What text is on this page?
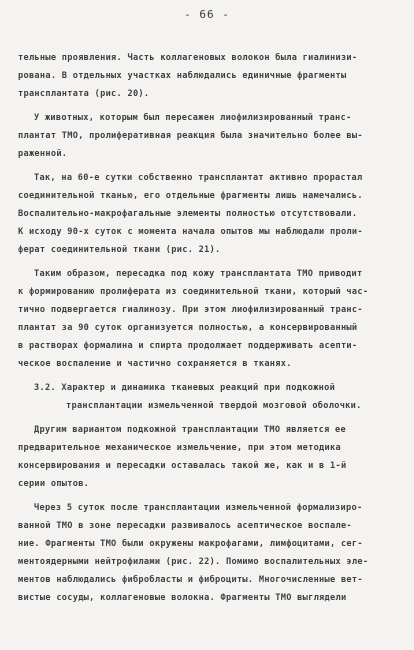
- 66 -
тельные проявления. Часть коллагеновых волокон была гиалинизи-
рована. В отдельных участках наблюдались единичные фрагменты
трансплантата (рис. 20).
У животных, которым был пересажен лиофилизированный транс-
плантат ТМО, пролиферативная реакция была значительно более вы-
раженной.
Так, на 60-е сутки собственно трансплантат активно прорастал
соединительной тканью, его отдельные фрагменты лишь намечались.
Воспалительно-макрофагальные элементы полностью отсутствовали.
К исходу 90-х суток с момента начала опытов мы наблюдали проли-
ферат соединительной ткани (рис. 21).
Таким образом, пересадка под кожу трансплантата ТМО приводит
к формированию пролиферата из соединительной ткани, который час-
тично подвергается гиалинозу. При этом лиофилизированный транс-
плантат за 90 суток организуется полностью, а консервированный
в растворах формалина и спирта продолжает поддерживать асепти-
ческое воспаление и частично сохраняется в тканях.
3.2. Характер и динамика тканевых реакций при подкожной
трансплантации измельченной твердой мозговой оболочки.
Другим вариантом подкожной трансплантации ТМО является ее
предварительное механическое измельчение, при этом методика
консервирования и пересадки оставалась такой же, как и в 1-й
серии опытов.
Через 5 суток после трансплантации измельченной формализиро-
ванной ТМО в зоне пересадки развивалось асептическое воспале-
ние. Фрагменты ТМО были окружены макрофагами, лимфоцитами, сег-
ментоядерными нейтрофилами (рис. 22). Помимо воспалительных эле-
ментов наблюдались фибробласты и фиброциты. Многочисленные вет-
вистые сосуды, коллагеновые волокна. Фрагменты ТМО выглядели
